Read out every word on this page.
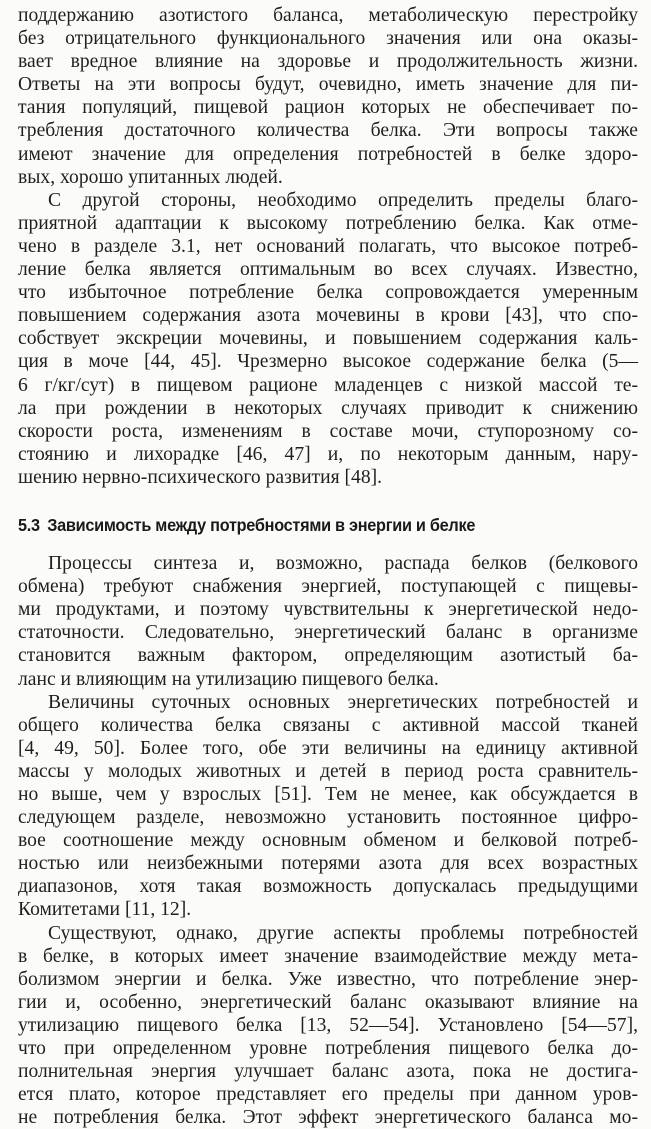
поддержанию азотистого баланса, метаболическую перестройку
без отрицательного функционального значения или она оказы-
вает вредное влияние на здоровье и продолжительность жизни.
Ответы на эти вопросы будут, очевидно, иметь значение для пи-
тания популяций, пищевой рацион которых не обеспечивает по-
требления достаточного количества белка. Эти вопросы также
имеют значение для определения потребностей в белке здоро-
вых, хорошо упитанных людей.
С другой стороны, необходимо определить пределы благо-
приятной адаптации к высокому потреблению белка. Как отме-
чено в разделе 3.1, нет оснований полагать, что высокое потреб-
ление белка является оптимальным во всех случаях. Известно,
что избыточное потребление белка сопровождается умеренным
повышением содержания азота мочевины в крови [43], что спо-
собствует экскреции мочевины, и повышением содержания каль-
ция в моче [44, 45]. Чрезмерно высокое содержание белка (5—
6 г/кг/сут) в пищевом рационе младенцев с низкой массой те-
ла при рождении в некоторых случаях приводит к снижению
скорости роста, изменениям в составе мочи, ступорозному со-
стоянию и лихорадке [46, 47] и, по некоторым данным, нару-
шению нервно-психического развития [48].
5.3 Зависимость между потребностями в энергии и белке
Процессы синтеза и, возможно, распада белков (белкового
обмена) требуют снабжения энергией, поступающей с пищевы-
ми продуктами, и поэтому чувствительны к энергетической недо-
статочности. Следовательно, энергетический баланс в организме
становится важным фактором, определяющим азотистый ба-
ланс и влияющим на утилизацию пищевого белка.
Величины суточных основных энергетических потребностей и
общего количества белка связаны с активной массой тканей
[4, 49, 50]. Более того, обе эти величины на единицу активной
массы у молодых животных и детей в период роста сравнитель-
но выше, чем у взрослых [51]. Тем не менее, как обсуждается в
следующем разделе, невозможно установить постоянное цифро-
вое соотношение между основным обменом и белковой потреб-
ностью или неизбежными потерями азота для всех возрастных
диапазонов, хотя такая возможность допускалась предыдущими
Комитетами [11, 12].
Существуют, однако, другие аспекты проблемы потребностей
в белке, в которых имеет значение взаимодействие между мета-
болизмом энергии и белка. Уже известно, что потребление энер-
гии и, особенно, энергетический баланс оказывают влияние на
утилизацию пищевого белка [13, 52—54]. Установлено [54—57],
что при определенном уровне потребления пищевого белка до-
полнительная энергия улучшает баланс азота, пока не достига-
ется плато, которое представляет его пределы при данном уров-
не потребления белка. Этот эффект энергетического баланса мо-
